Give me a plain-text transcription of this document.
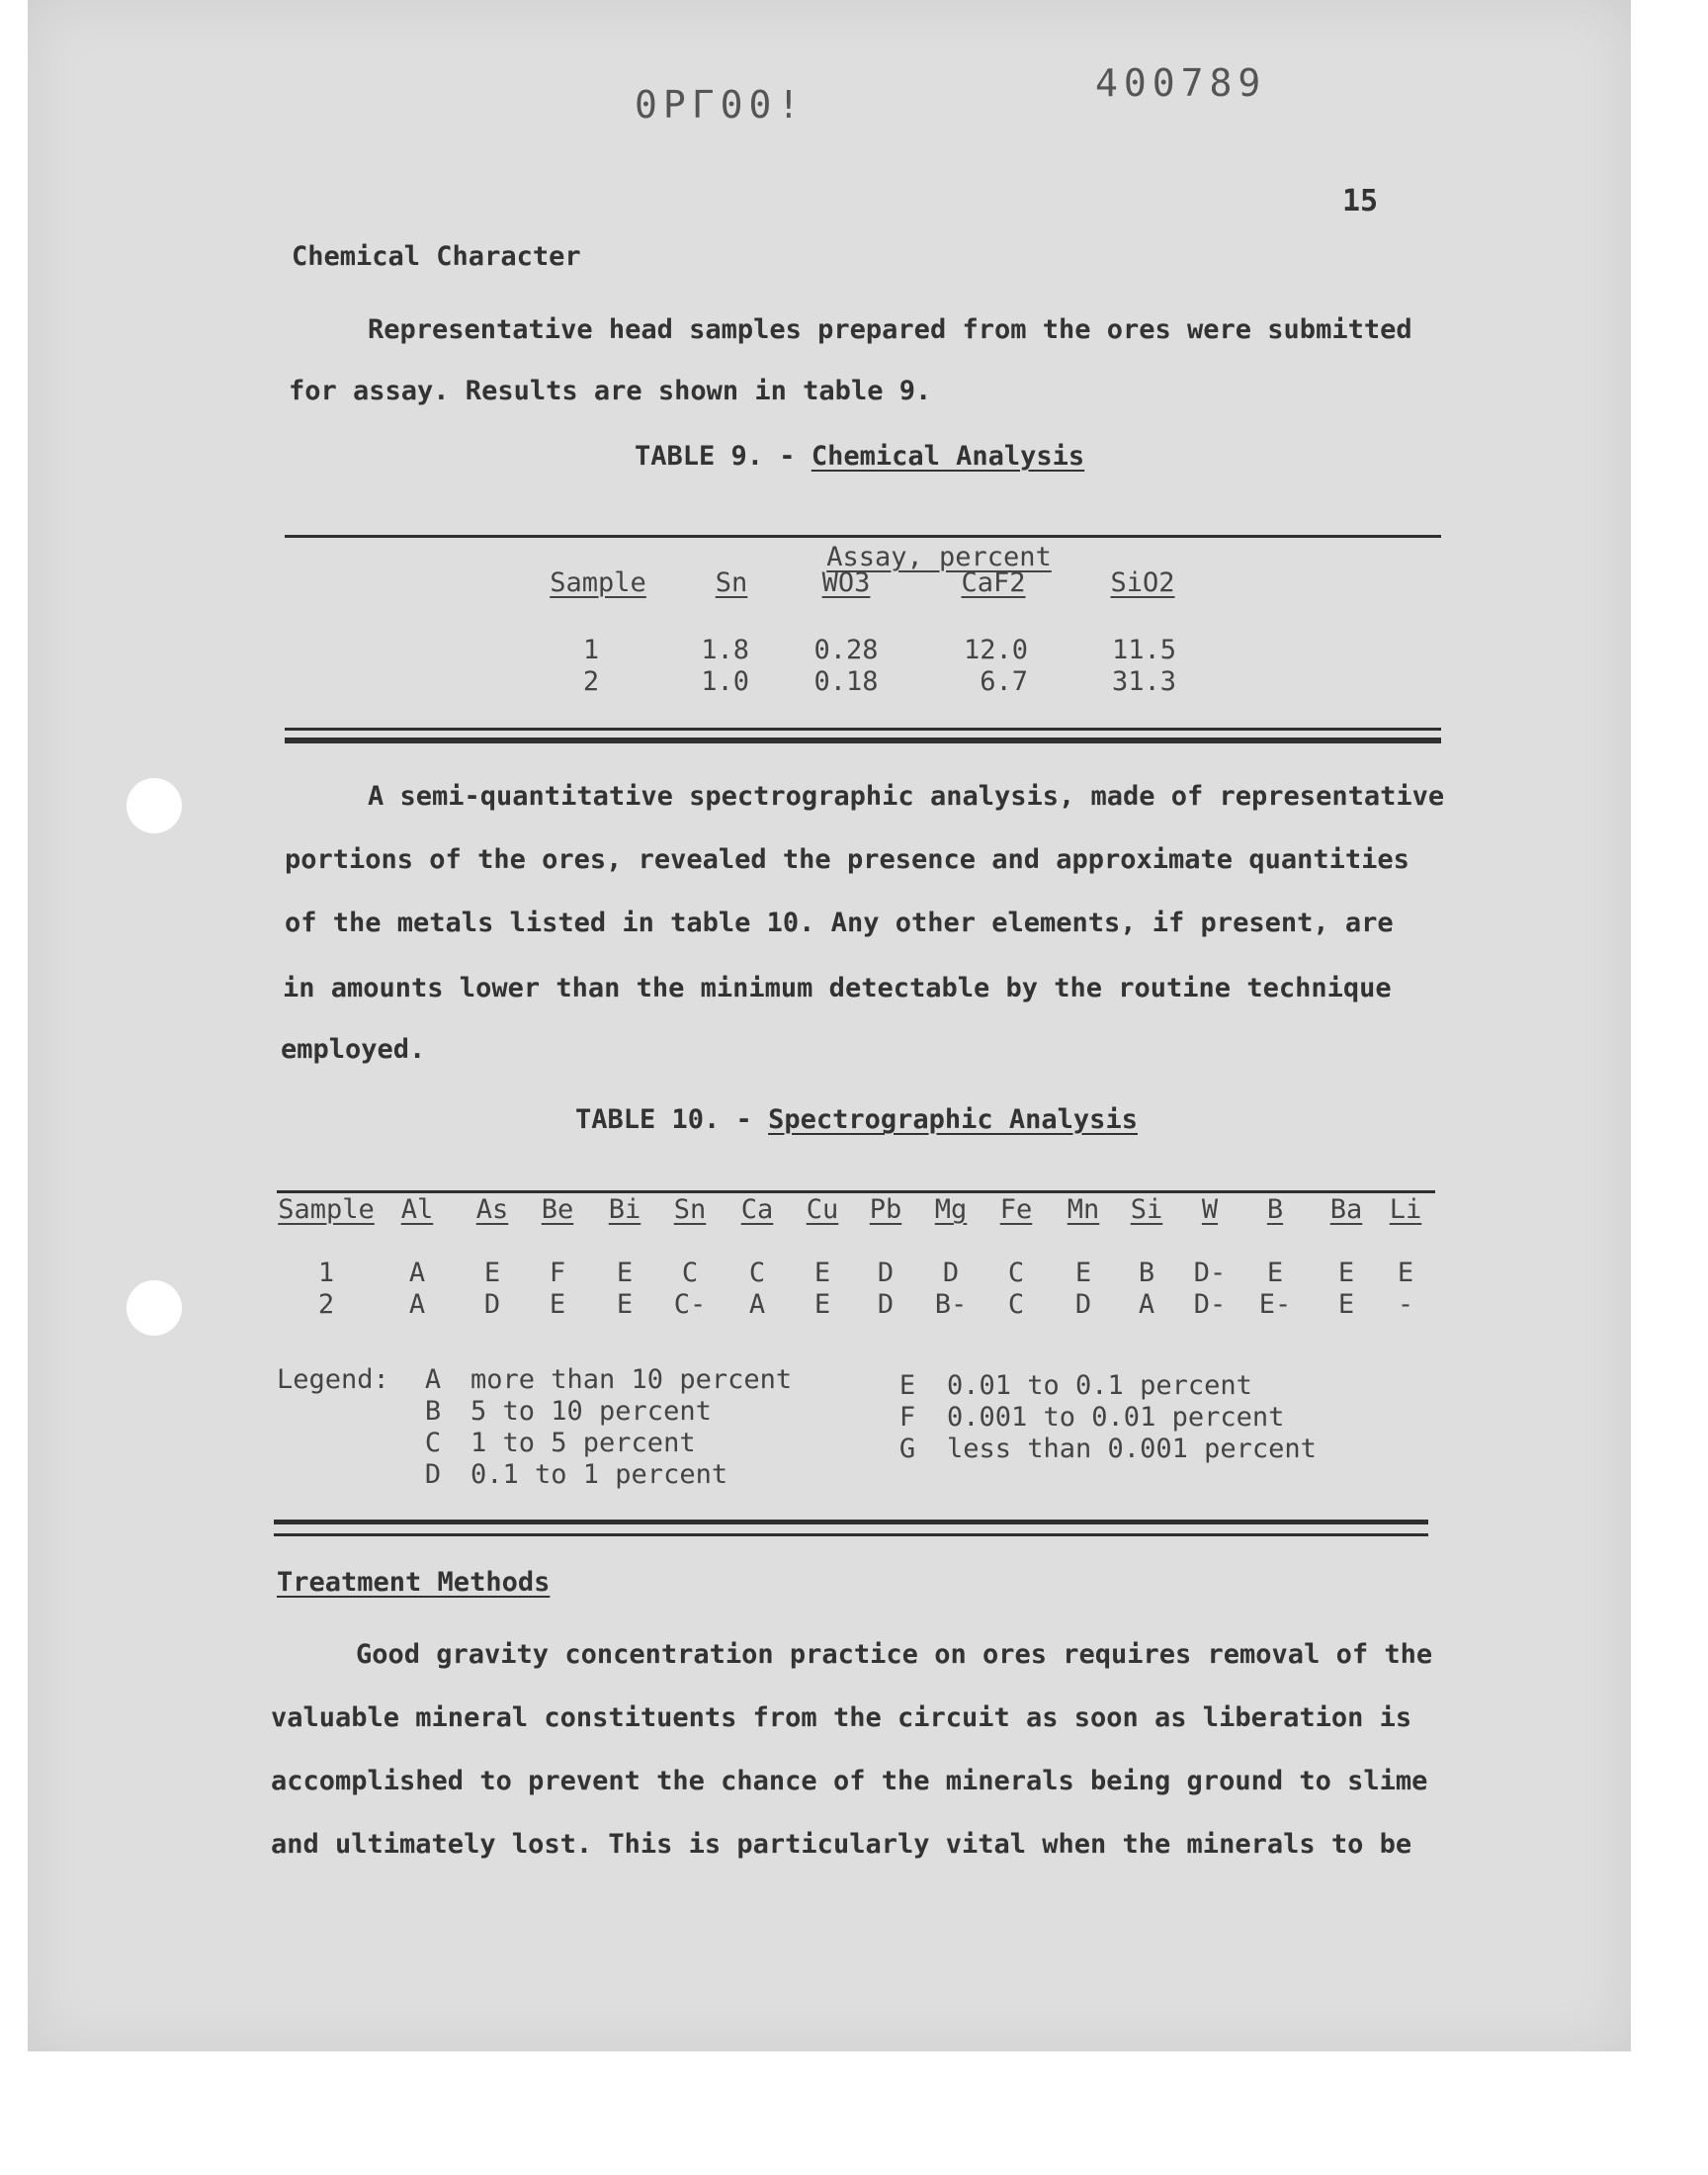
0PГ00!	400789
15
Chemical Character
Representative head samples prepared from the ores were submitted
for assay. Results are shown in table 9.
TABLE 9. - Chemical Analysis
Assay, percent
Sample	Sn	WO3	CaF2	SiO2
1	1.8 0.28	12.0	11.5
2	1.0 0.18	6.7	31.3
A semi-quantitative spectrographic analysis, made of representative
portions of the ores, revealed the presence and approximate quantities
of the metals listed in table 10. Any other elements, if present, are
in amounts lower than the minimum detectable by the routine technique
employed.
TABLE 10. - Spectrographic Analysis
Sample Al As Be Bi Sn Ca Cu Pb Mg Fe Mn Si W B Ba Li
1	A E F E C C E D D C E B D- E E E
2	A D E E C- A E D B- C D A D- E- E -
Legend: A more than 10 percent
B 5 to 10 percent
C 1 to 5 percent
D 0.1 to 1 percent
E 0.01 to 0.1 percent
F 0.001 to 0.01 percent
G less than 0.001 percent
Treatment Methods
Good gravity concentration practice on ores requires removal of the
valuable mineral constituents from the circuit as soon as liberation is
accomplished to prevent the chance of the minerals being ground to slime
and ultimately lost. This is particularly vital when the minerals to be
